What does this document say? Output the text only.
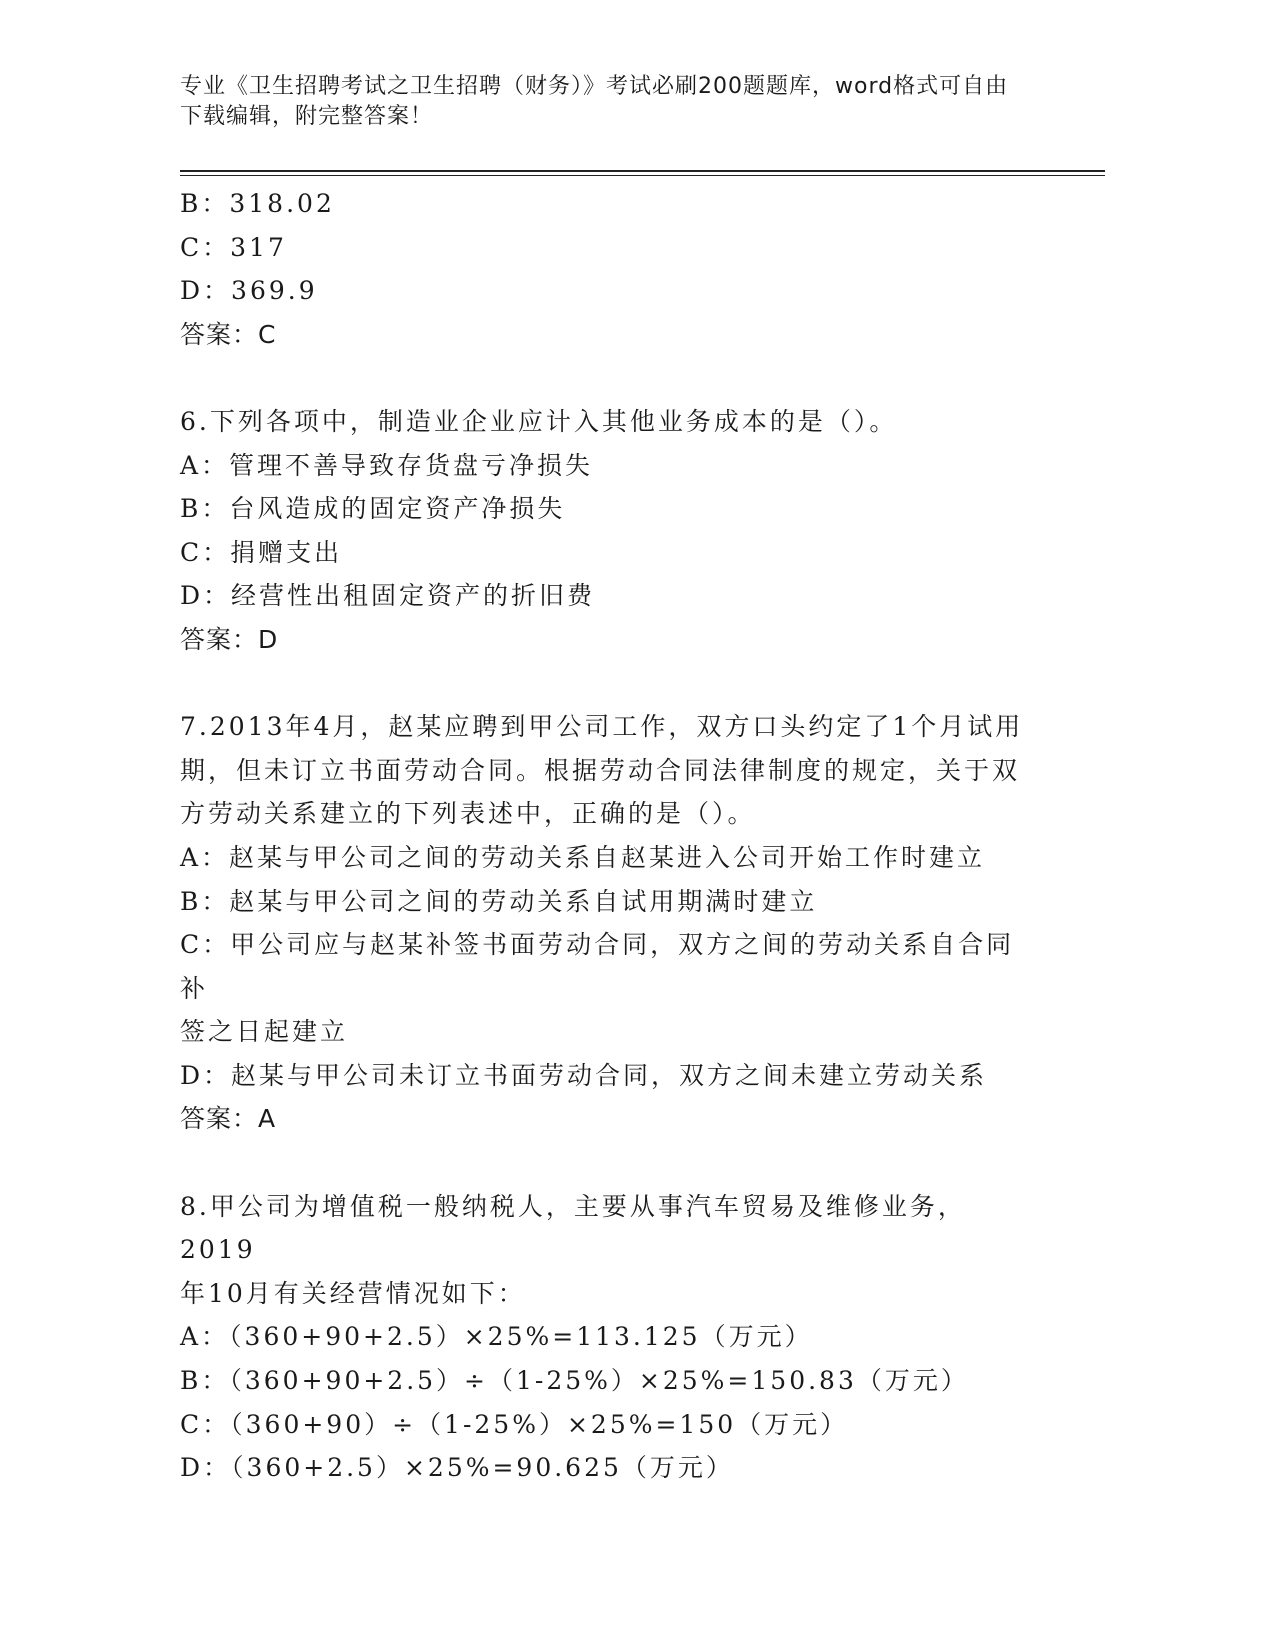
专业《卫生招聘考试之卫生招聘（财务）》考试必刷200题题库，word格式可自由下载编辑，附完整答案！
B：318.02
C：317
D：369.9
答案：C
6.下列各项中，制造业企业应计入其他业务成本的是（）。
A：管理不善导致存货盘亏净损失
B：台风造成的固定资产净损失
C：捐赠支出
D：经营性出租固定资产的折旧费
答案：D
7.2013年4月，赵某应聘到甲公司工作，双方口头约定了1个月试用
期，但未订立书面劳动合同。根据劳动合同法律制度的规定，关于双
方劳动关系建立的下列表述中，正确的是（）。
A：赵某与甲公司之间的劳动关系自赵某进入公司开始工作时建立
B：赵某与甲公司之间的劳动关系自试用期满时建立
C：甲公司应与赵某补签书面劳动合同，双方之间的劳动关系自合同补
签之日起建立
D：赵某与甲公司未订立书面劳动合同，双方之间未建立劳动关系
答案：A
8.甲公司为增值税一般纳税人，主要从事汽车贸易及维修业务，2019
年10月有关经营情况如下：
A：（360+90+2.5）×25%=113.125（万元）
B：（360+90+2.5）÷（1-25%）×25%=150.83（万元）
C：（360+90）÷（1-25%）×25%=150（万元）
D：（360+2.5）×25%=90.625（万元）
